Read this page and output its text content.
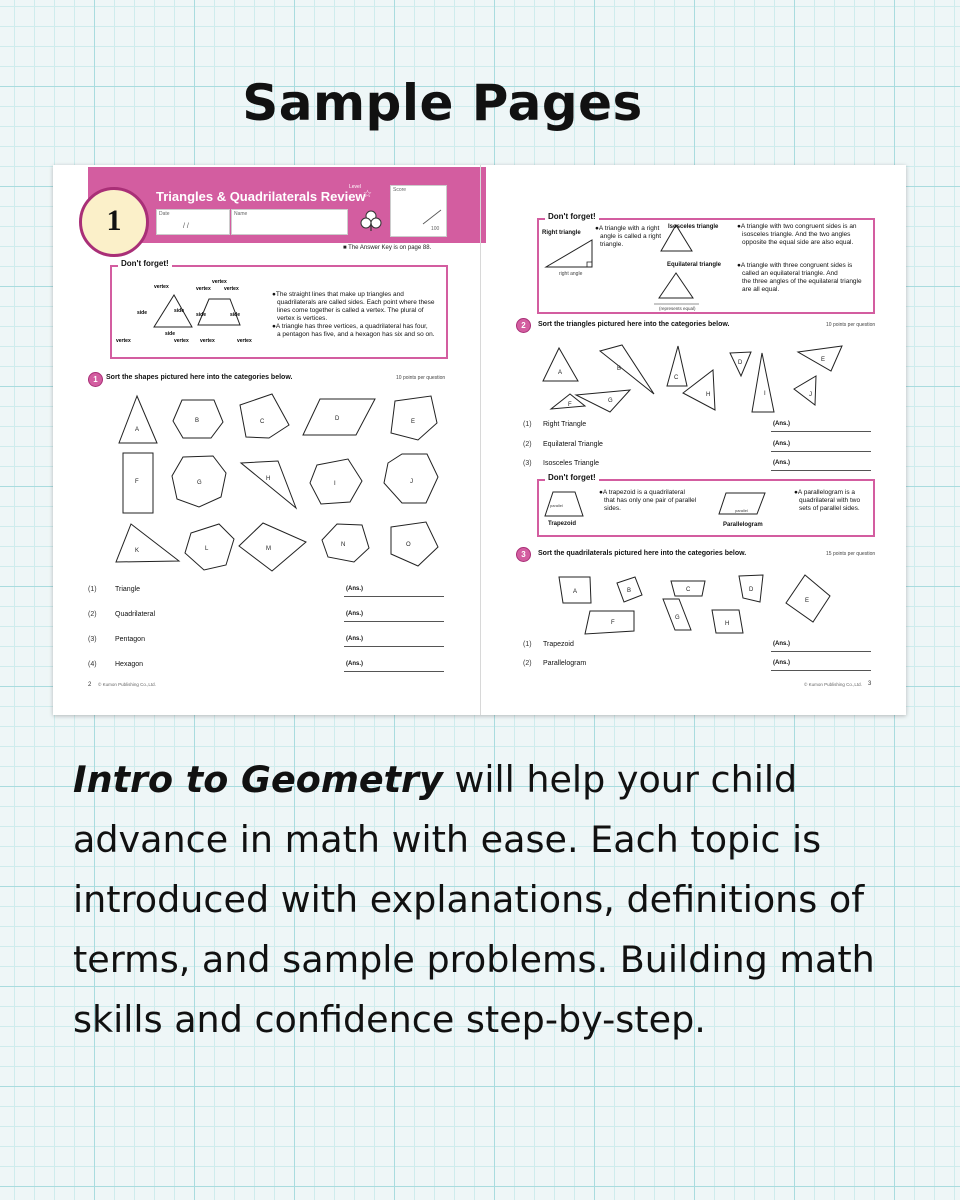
Sample Pages
1
Triangles & Quadrilaterals Review
Date
/ /
Name
Level
☆	Score
100
■ The Answer Key is on page 88.
Don't forget!
vertex	vertex	vertex
vertex
side	side
side
side	side
vertex	vertex vertex	vertex
●The straight lines that make up triangles and
quadrilaterals are called sides. Each point where these
lines come together is called a vertex. The plural of
vertex is vertices.
●A triangle has three vertices, a quadrilateral has four,
a pentagon has five, and a hexagon has six and so on.
1	Sort the shapes pictured here into the categories below.	10 points per question
A
B	C	D	E
F	G
H
I	J
K	L	M
N	O
(1)	Triangle	(Ans.)
(2)	Quadrilateral	(Ans.)
(3)	Pentagon	(Ans.)
(4)	Hexagon	(Ans.)
2 © Kumon Publishing Co.,Ltd.
Don't forget!
Right triangle
right angle
●A triangle with a right
angle is called a right
triangle.
Isosceles triangle	●A triangle with two congruent sides is an
isosceles triangle. And the two angles
opposite the equal side are also equal.
Equilateral triangle
(represents equal)
●A triangle with three congruent sides is
called an equilateral triangle. And
the three angles of the equilateral triangle
are all equal.
2	Sort the triangles pictured here into the categories below.	10 points per question
A
B
C
D	E
F
G
H	I	J
(1) Right Triangle	(Ans.)
(2) Equilateral Triangle	(Ans.)
(3) Isosceles Triangle	(Ans.)
Don't forget!
parallel
parallel
Trapezoid
●A trapezoid is a quadrilateral
that has only one pair of parallel
sides.
Parallelogram
●A parallelogram is a
quadrilateral with two
sets of parallel sides.
3	Sort the quadrilaterals pictured here into the categories below.	15 points per question
A	B	C	D
E
F
G
H
(1) Trapezoid	(Ans.)
(2) Parallelogram	(Ans.)
© Kumon Publishing Co.,Ltd. 3

Intro to Geometry will help your child advance in math with ease. Each topic is introduced with explanations, definitions of terms, and sample problems. Building math skills and confidence step-by-step.
